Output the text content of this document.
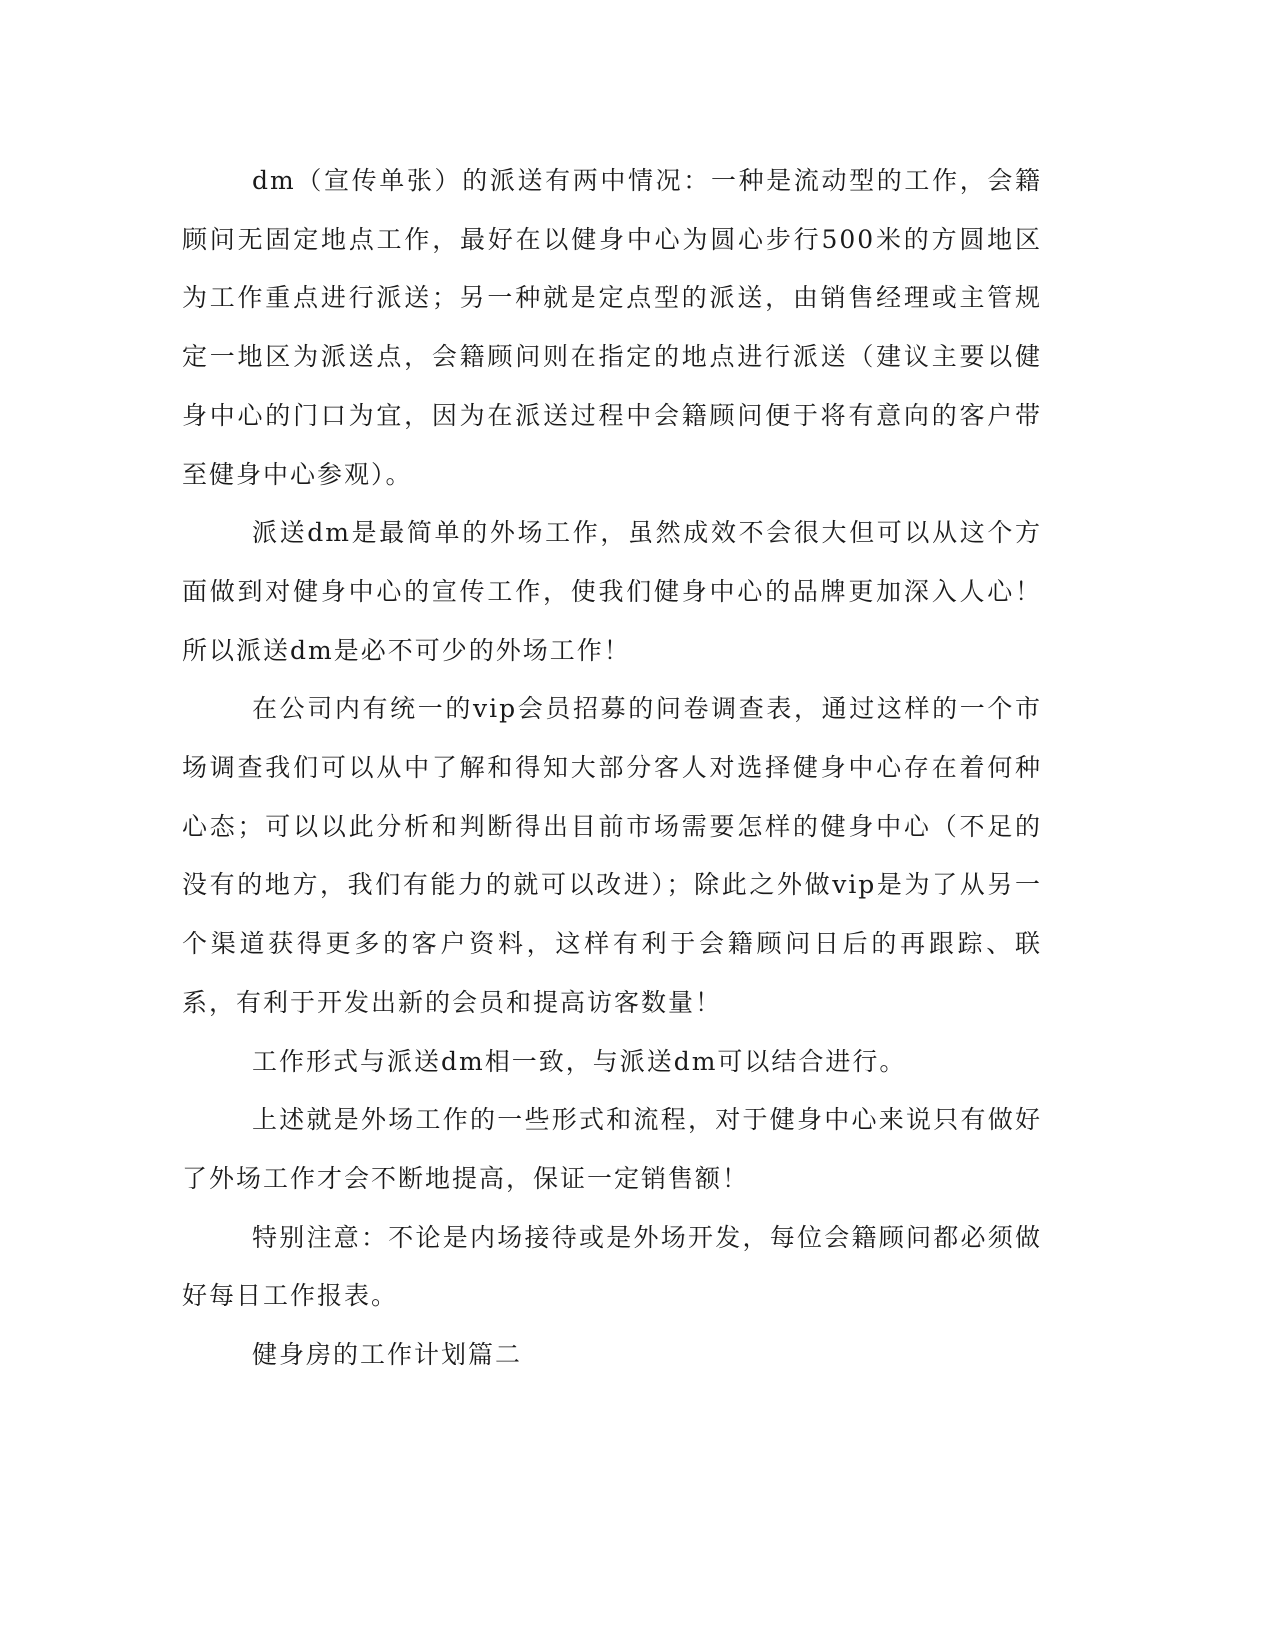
dm（宣传单张）的派送有两中情况：一种是流动型的工作，会籍顾问无固定地点工作，最好在以健身中心为圆心步行500米的方圆地区为工作重点进行派送；另一种就是定点型的派送，由销售经理或主管规定一地区为派送点，会籍顾问则在指定的地点进行派送（建议主要以健身中心的门口为宜，因为在派送过程中会籍顾问便于将有意向的客户带至健身中心参观）。

派送dm是最简单的外场工作，虽然成效不会很大但可以从这个方面做到对健身中心的宣传工作，使我们健身中心的品牌更加深入人心！所以派送dm是必不可少的外场工作！

在公司内有统一的vip会员招募的问卷调查表，通过这样的一个市场调查我们可以从中了解和得知大部分客人对选择健身中心存在着何种心态；可以以此分析和判断得出目前市场需要怎样的健身中心（不足的没有的地方，我们有能力的就可以改进）；除此之外做vip是为了从另一个渠道获得更多的客户资料，这样有利于会籍顾问日后的再跟踪、联系，有利于开发出新的会员和提高访客数量！

工作形式与派送dm相一致，与派送dm可以结合进行。

上述就是外场工作的一些形式和流程，对于健身中心来说只有做好了外场工作才会不断地提高，保证一定销售额！

特别注意：不论是内场接待或是外场开发，每位会籍顾问都必须做好每日工作报表。

健身房的工作计划篇二
